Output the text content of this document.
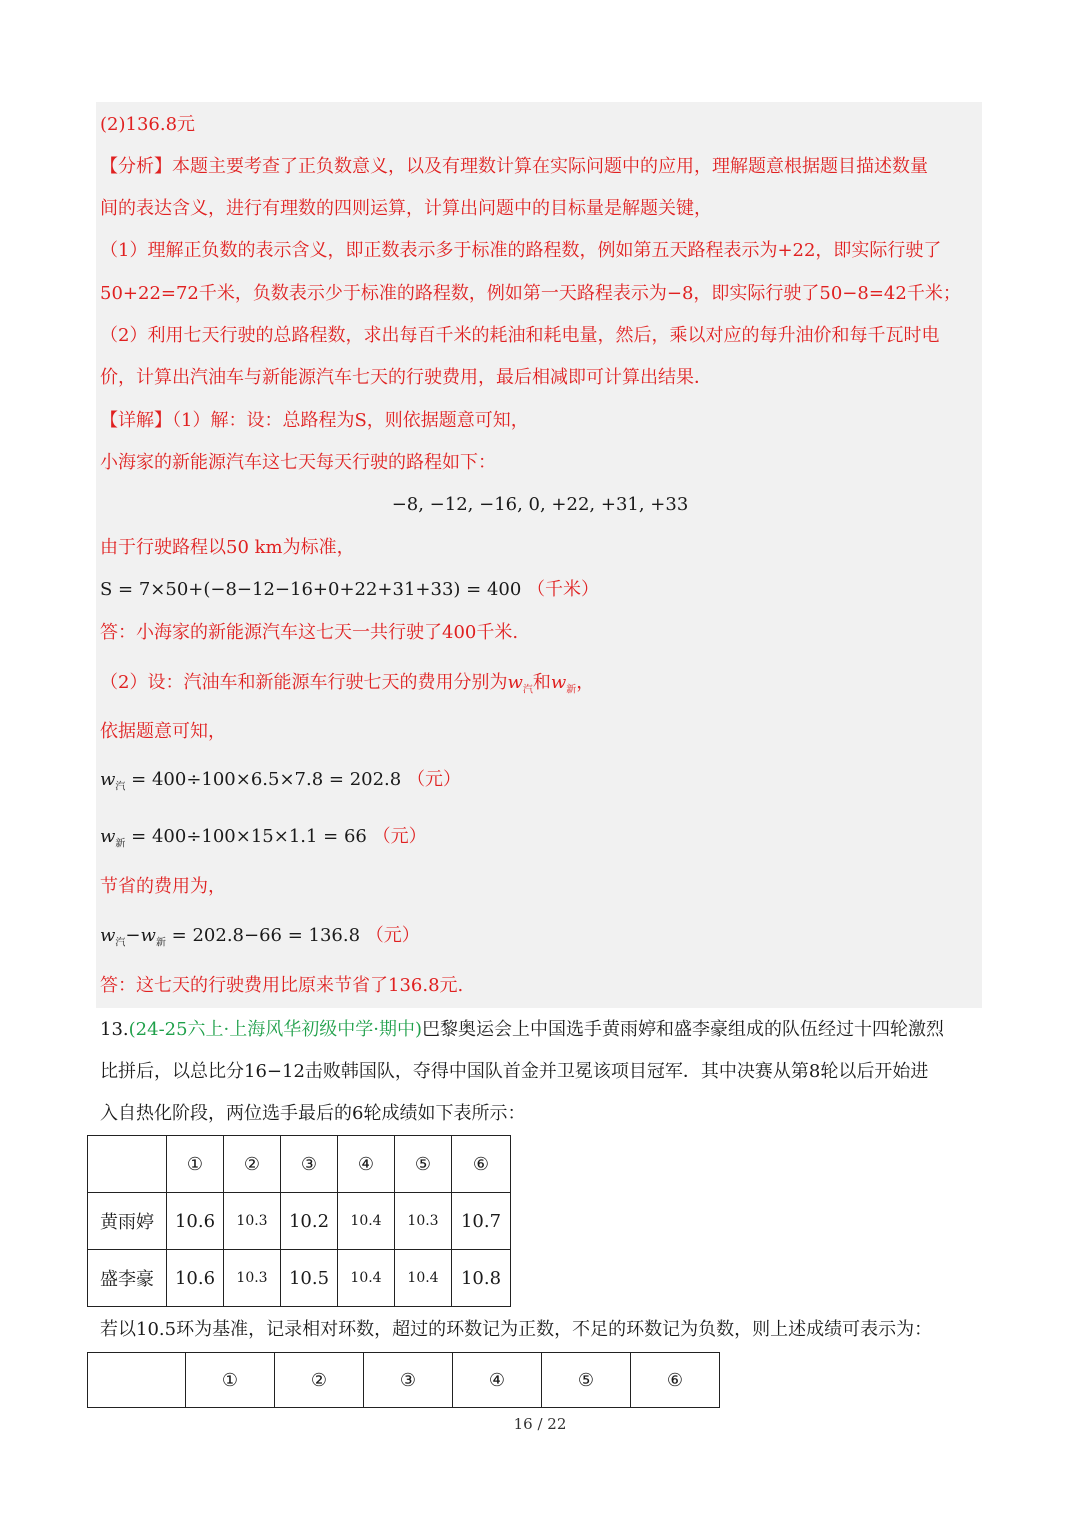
(2)136.8元
【分析】本题主要考查了正负数意义，以及有理数计算在实际问题中的应用，理解题意根据题目描述数量
间的表达含义，进行有理数的四则运算，计算出问题中的目标量是解题关键，
（1）理解正负数的表示含义，即正数表示多于标准的路程数，例如第五天路程表示为+22，即实际行驶了
50+22=72千米，负数表示少于标准的路程数，例如第一天路程表示为−8，即实际行驶了50−8=42千米；
（2）利用七天行驶的总路程数，求出每百千米的耗油和耗电量，然后，乘以对应的每升油价和每千瓦时电
价，计算出汽油车与新能源汽车七天的行驶费用，最后相减即可计算出结果．
【详解】（1）解：设：总路程为S，则依据题意可知，
小海家的新能源汽车这七天每天行驶的路程如下：
−8, −12, −16, 0, +22, +31, +33
由于行驶路程以50 km为标准，
S = 7×50+(−8−12−16+0+22+31+33) = 400 （千米）
答：小海家的新能源汽车这七天一共行驶了400千米.
（2）设：汽油车和新能源车行驶七天的费用分别为$w_汽$和$w_新$，
依据题意可知，
$w_汽 = 400\div 100\times 6.5\times 7.8 = 202.8$ （元）
$w_新 = 400\div 100\times 15\times 1.1 = 66$ （元）
节省的费用为，
$w_汽-w_新 = 202.8-66 = 136.8$ （元）
答：这七天的行驶费用比原来节省了136.8元.
13.(24-25六上·上海风华初级中学·期中)巴黎奥运会上中国选手黄雨婷和盛李豪组成的队伍经过十四轮激烈
比拼后，以总比分16−12击败韩国队，夺得中国队首金并卫冕该项目冠军．其中决赛从第8轮以后开始进
入自热化阶段，两位选手最后的6轮成绩如下表所示：
	①	②	③	④	⑤	⑥
黄雨婷	10.6	10.3	10.2	10.4	10.3	10.7
盛李豪	10.6	10.3	10.5	10.4	10.4	10.8
若以10.5环为基准，记录相对环数，超过的环数记为正数，不足的环数记为负数，则上述成绩可表示为：
	①	②	③	④	⑤	⑥
16 / 22
